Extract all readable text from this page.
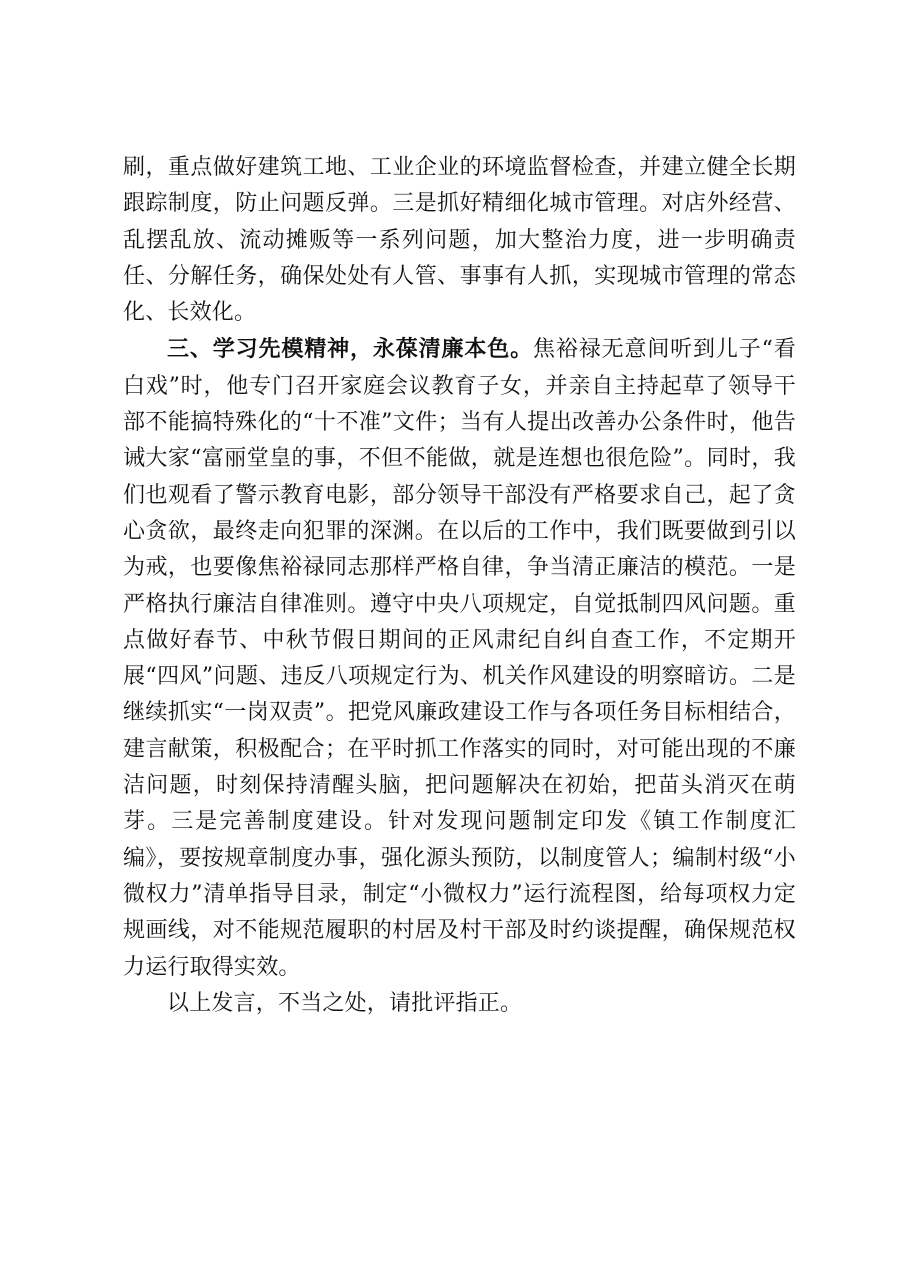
刷，重点做好建筑工地、工业企业的环境监督检查，并建立健全长期跟踪制度，防止问题反弹。三是抓好精细化城市管理。对店外经营、乱摆乱放、流动摊贩等一系列问题，加大整治力度，进一步明确责任、分解任务，确保处处有人管、事事有人抓，实现城市管理的常态化、长效化。

三、学习先模精神，永葆清廉本色。焦裕禄无意间听到儿子“看白戏”时，他专门召开家庭会议教育子女，并亲自主持起草了领导干部不能搞特殊化的“十不准”文件；当有人提出改善办公条件时，他告诫大家“富丽堂皇的事，不但不能做，就是连想也很危险”。同时，我们也观看了警示教育电影，部分领导干部没有严格要求自己，起了贪心贪欲，最终走向犯罪的深渊。在以后的工作中，我们既要做到引以为戒，也要像焦裕禄同志那样严格自律，争当清正廉洁的模范。一是严格执行廉洁自律准则。遵守中央八项规定，自觉抵制四风问题。重点做好春节、中秋节假日期间的正风肃纪自纠自查工作，不定期开展“四风”问题、违反八项规定行为、机关作风建设的明察暗访。二是继续抓实“一岗双责”。把党风廉政建设工作与各项任务目标相结合，建言献策，积极配合；在平时抓工作落实的同时，对可能出现的不廉洁问题，时刻保持清醒头脑，把问题解决在初始，把苗头消灭在萌芽。三是完善制度建设。针对发现问题制定印发《镇工作制度汇编》，要按规章制度办事，强化源头预防，以制度管人；编制村级“小微权力”清单指导目录，制定“小微权力”运行流程图，给每项权力定规画线，对不能规范履职的村居及村干部及时约谈提醒，确保规范权力运行取得实效。

以上发言，不当之处，请批评指正。
